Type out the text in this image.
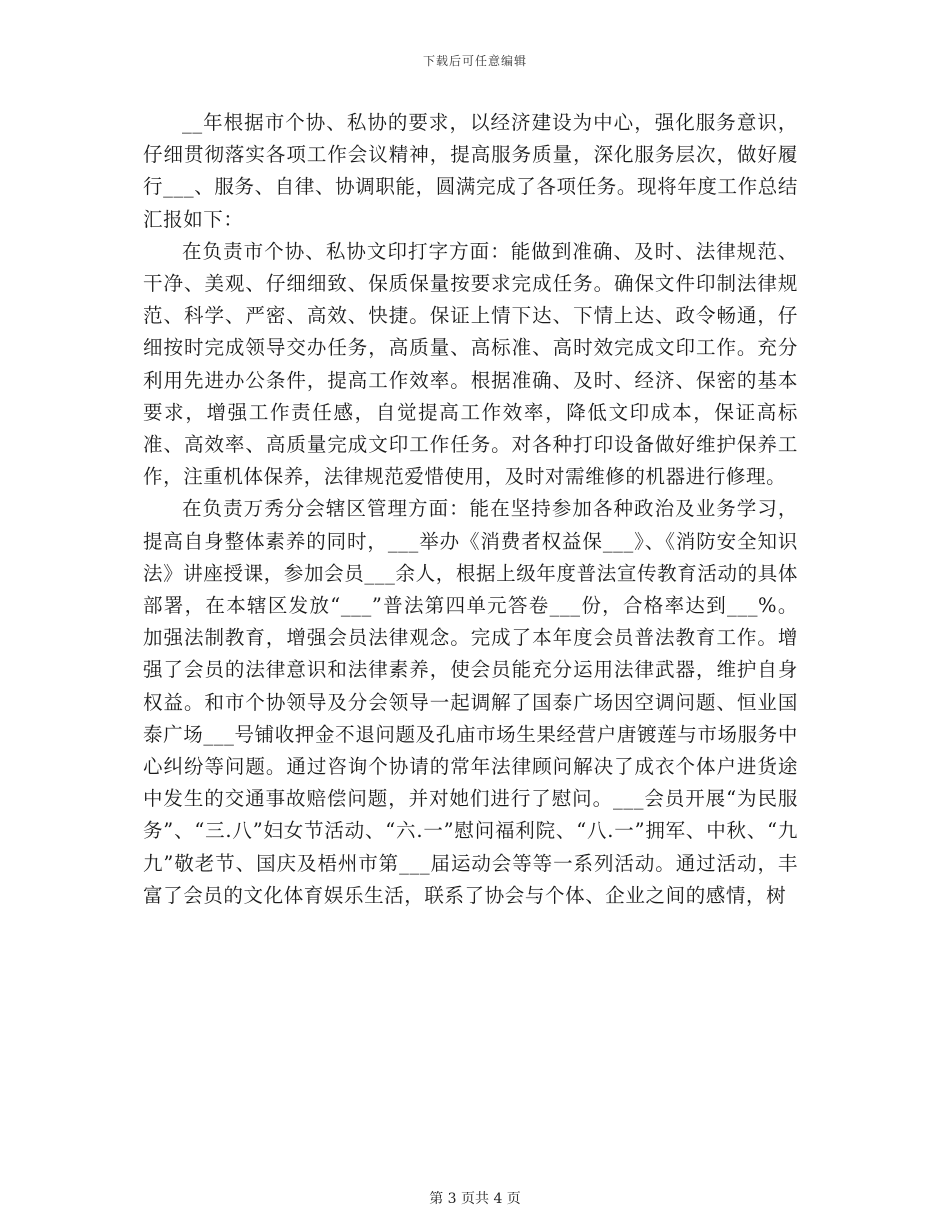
下载后可任意编辑

__年根据市个协、私协的要求，以经济建设为中心，强化服务意识，仔细贯彻落实各项工作会议精神，提高服务质量，深化服务层次，做好履行___、服务、自律、协调职能，圆满完成了各项任务。现将年度工作总结汇报如下：

在负责市个协、私协文印打字方面：能做到准确、及时、法律规范、干净、美观、仔细细致、保质保量按要求完成任务。确保文件印制法律规范、科学、严密、高效、快捷。保证上情下达、下情上达、政令畅通，仔细按时完成领导交办任务，高质量、高标准、高时效完成文印工作。充分利用先进办公条件，提高工作效率。根据准确、及时、经济、保密的基本要求，增强工作责任感，自觉提高工作效率，降低文印成本，保证高标准、高效率、高质量完成文印工作任务。对各种打印设备做好维护保养工作，注重机体保养，法律规范爱惜使用，及时对需维修的机器进行修理。

在负责万秀分会辖区管理方面：能在坚持参加各种政治及业务学习，提高自身整体素养的同时，___举办《消费者权益保___》、《消防安全知识法》讲座授课，参加会员___余人，根据上级年度普法宣传教育活动的具体部署，在本辖区发放“___”普法第四单元答卷___份，合格率达到___%。加强法制教育，增强会员法律观念。完成了本年度会员普法教育工作。增强了会员的法律意识和法律素养，使会员能充分运用法律武器，维护自身权益。和市个协领导及分会领导一起调解了国泰广场因空调问题、恒业国泰广场___号铺收押金不退问题及孔庙市场生果经营户唐镀莲与市场服务中心纠纷等问题。通过咨询个协请的常年法律顾问解决了成衣个体户进货途中发生的交通事故赔偿问题，并对她们进行了慰问。___会员开展“为民服务”、“三.八”妇女节活动、“六.一”慰问福利院、“八.一”拥军、中秋、“九九”敬老节、国庆及梧州市第___届运动会等等一系列活动。通过活动，丰富了会员的文化体育娱乐生活，联系了协会与个体、企业之间的感情，树

第 3 页共 4 页
